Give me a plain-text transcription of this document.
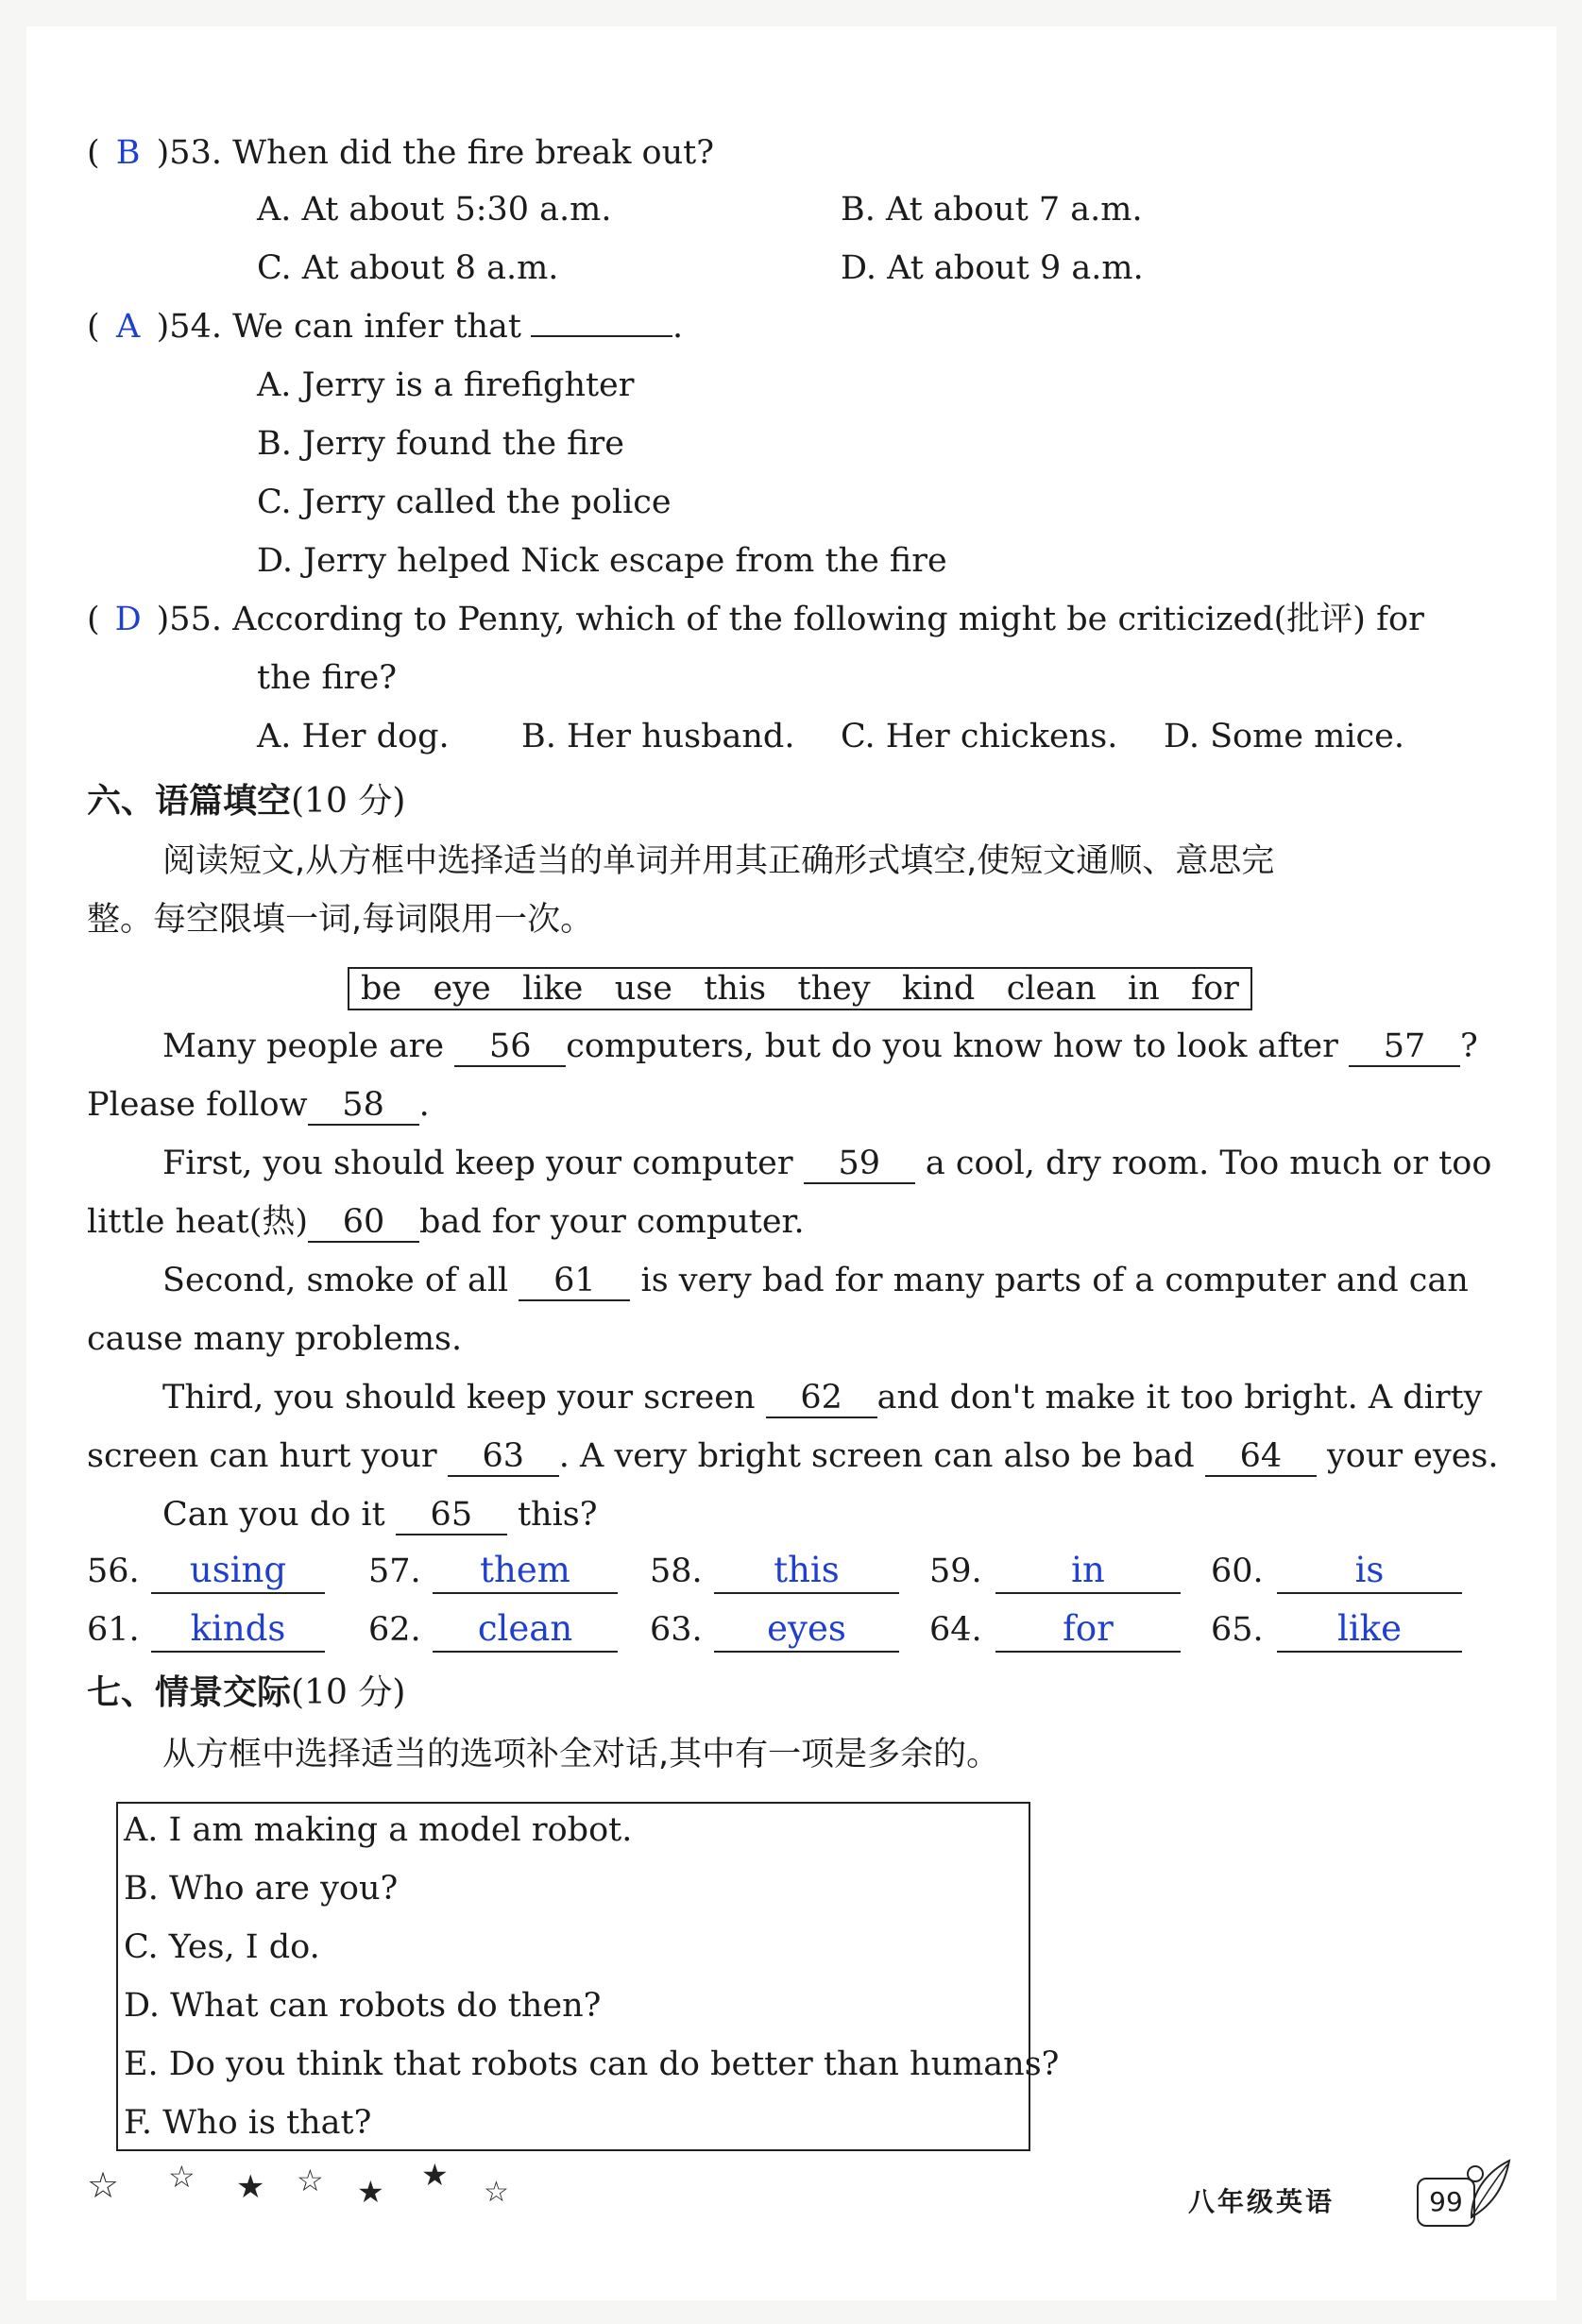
( B )53. When did the fire break out?
A. At about 5:30 a.m.	B. At about 7 a.m.
C. At about 8 a.m.	D. At about 9 a.m.
( A )54. We can infer that	.
A. Jerry is a firefighter
B. Jerry found the fire
C. Jerry called the police
D. Jerry helped Nick escape from the fire
( D )55. According to Penny, which of the following might be criticized(批评) for
the fire?
A. Her dog. B. Her husband. C. Her chickens. D. Some mice.
六、语篇填空(10 分)
阅读短文,从方框中选择适当的单词并用其正确形式填空,使短文通顺、意思完
整。每空限填一词,每词限用一次。
be eye like use this they kind clean in for
Many people are 56 computers, but do you know how to look after 57 ?
Please follow 58 .
First, you should keep your computer 59 a cool, dry room. Too much or too
little heat(热) 60 bad for your computer.
Second, smoke of all 61 is very bad for many parts of a computer and can
cause many problems.
Third, you should keep your screen 62 and don't make it too bright. A dirty
screen can hurt your 63 . A very bright screen can also be bad 64 your eyes.
Can you do it 65 this?
56.	using	57.	them	58.	this	59.	in	60.	is
61.	kinds	62.	clean	63.	eyes	64.	for	65.	like
七、情景交际(10 分)
从方框中选择适当的选项补全对话,其中有一项是多余的。
A. I am making a model robot.
B. Who are you?
C. Yes, I do.
D. What can robots do then?
E. Do you think that robots can do better than humans?
F. Who is that?
☆ ☆ ★ ☆ ★ ★ ☆	八年级英语	99
